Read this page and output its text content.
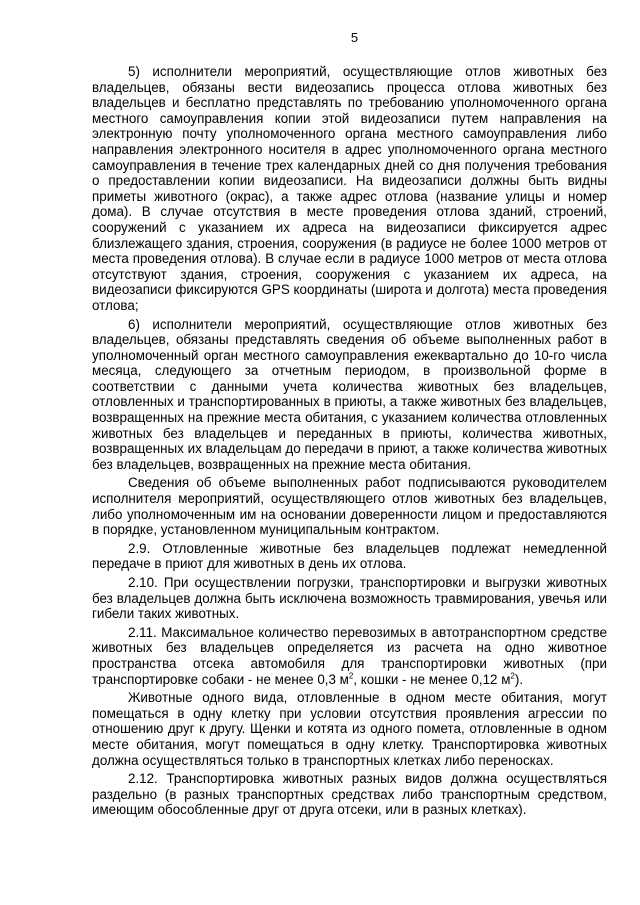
5

5) исполнители мероприятий, осуществляющие отлов животных без владельцев, обязаны вести видеозапись процесса отлова животных без владельцев и бесплатно представлять по требованию уполномоченного органа местного самоуправления копии этой видеозаписи путем направления на электронную почту уполномоченного органа местного самоуправления либо направления электронного носителя в адрес уполномоченного органа местного самоуправления в течение трех календарных дней со дня получения требования о предоставлении копии видеозаписи. На видеозаписи должны быть видны приметы животного (окрас), а также адрес отлова (название улицы и номер дома). В случае отсутствия в месте проведения отлова зданий, строений, сооружений с указанием их адреса на видеозаписи фиксируется адрес близлежащего здания, строения, сооружения (в радиусе не более 1000 метров от места проведения отлова). В случае если в радиусе 1000 метров от места отлова отсутствуют здания, строения, сооружения с указанием их адреса, на видеозаписи фиксируются GPS координаты (широта и долгота) места проведения отлова;

6) исполнители мероприятий, осуществляющие отлов животных без владельцев, обязаны представлять сведения об объеме выполненных работ в уполномоченный орган местного самоуправления ежеквартально до 10-го числа месяца, следующего за отчетным периодом, в произвольной форме в соответствии с данными учета количества животных без владельцев, отловленных и транспортированных в приюты, а также животных без владельцев, возвращенных на прежние места обитания, с указанием количества отловленных животных без владельцев и переданных в приюты, количества животных, возвращенных их владельцам до передачи в приют, а также количества животных без владельцев, возвращенных на прежние места обитания.

Сведения об объеме выполненных работ подписываются руководителем исполнителя мероприятий, осуществляющего отлов животных без владельцев, либо уполномоченным им на основании доверенности лицом и предоставляются в порядке, установленном муниципальным контрактом.

2.9. Отловленные животные без владельцев подлежат немедленной передаче в приют для животных в день их отлова.

2.10. При осуществлении погрузки, транспортировки и выгрузки животных без владельцев должна быть исключена возможность травмирования, увечья или гибели таких животных.

2.11. Максимальное количество перевозимых в автотранспортном средстве животных без владельцев определяется из расчета на одно животное пространства отсека автомобиля для транспортировки животных (при транспортировке собаки - не менее 0,3 $м^2$, кошки - не менее 0,12 $м^2$).

Животные одного вида, отловленные в одном месте обитания, могут помещаться в одну клетку при условии отсутствия проявления агрессии по отношению друг к другу. Щенки и котята из одного помета, отловленные в одном месте обитания, могут помещаться в одну клетку. Транспортировка животных должна осуществляться только в транспортных клетках либо переносках.

2.12. Транспортировка животных разных видов должна осуществляться раздельно (в разных транспортных средствах либо транспортным средством, имеющим обособленные друг от друга отсеки, или в разных клетках).
